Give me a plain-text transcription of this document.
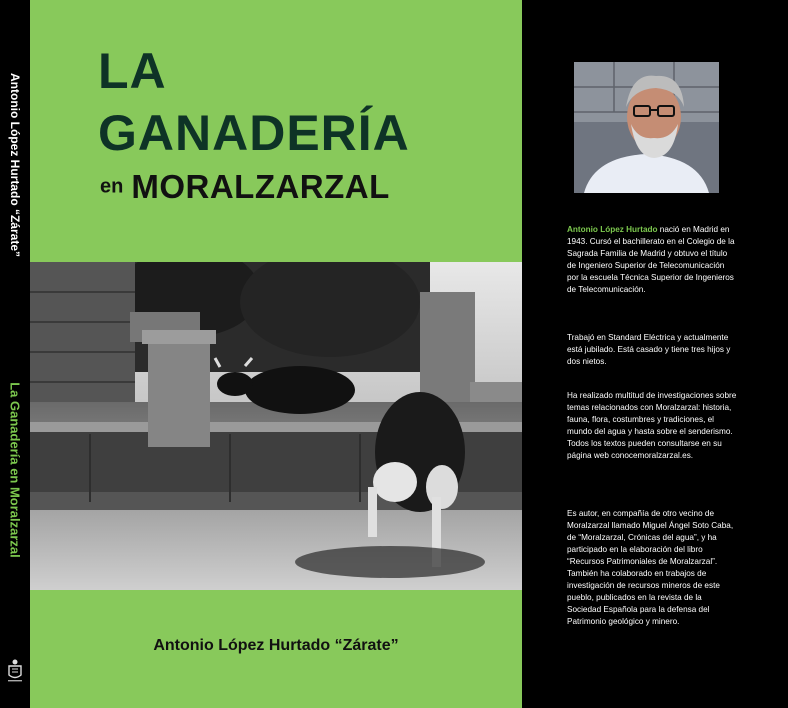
Antonio López Hurtado “Zárate”
La Ganadería en Moralzarzal
LA
GANADERÍA
en MORALZARZAL
Antonio López Hurtado “Zárate”

Antonio López Hurtado nació en Madrid en 1943. Cursó el bachillerato en el Colegio de la Sagrada Familia de Madrid y obtuvo el título de Ingeniero Superior de Telecomunicación por la escuela Técnica Superior de Ingenieros de Telecomunicación.

Trabajó en Standard Eléctrica y actualmente está jubilado. Está casado y tiene tres hijos y dos nietos.

Ha realizado multitud de investigaciones sobre temas relacionados con Moralzarzal: historia, fauna, flora, costumbres y tradiciones, el mundo del agua y hasta sobre el senderismo. Todos los textos pueden consultarse en su página web conocemoralzarzal.es.

Es autor, en compañía de otro vecino de Moralzarzal llamado Miguel Ángel Soto Caba, de “Moralzarzal, Crónicas del agua”, y ha participado en la elaboración del libro “Recursos Patrimoniales de Moralzarzal”. También ha colaborado en trabajos de investigación de recursos mineros de este pueblo, publicados en la revista de la Sociedad Española para la defensa del Patrimonio geológico y minero.
